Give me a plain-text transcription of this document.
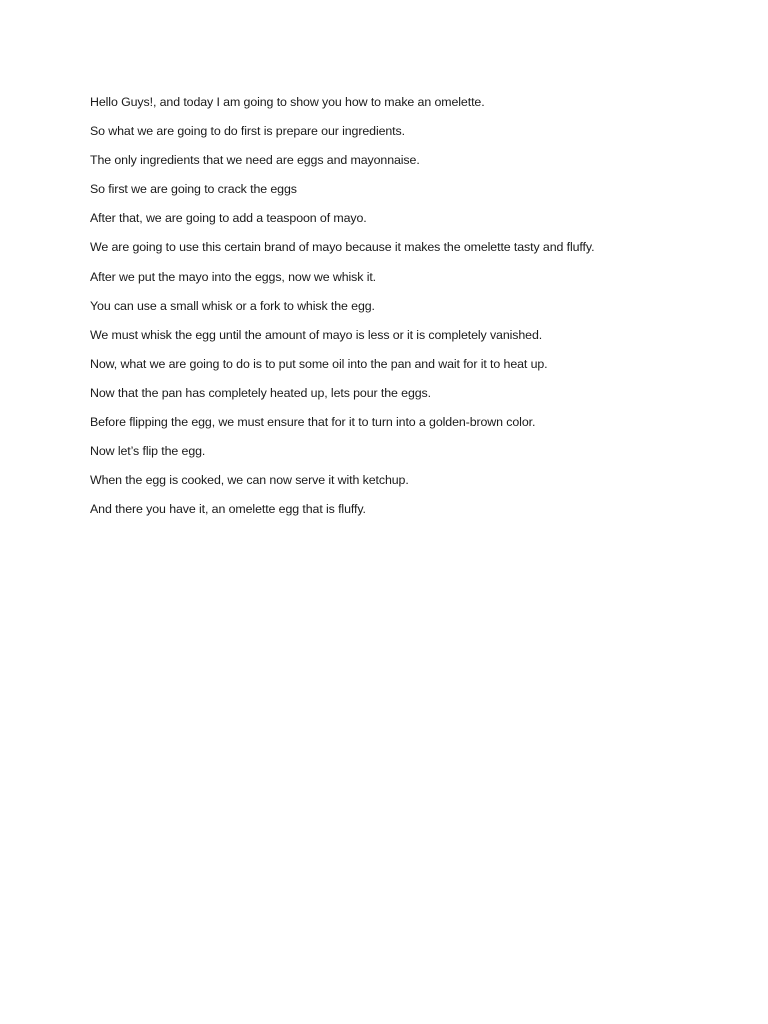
Hello Guys!, and today I am going to show you how to make an omelette.

So what we are going to do first is prepare our ingredients.

The only ingredients that we need are eggs and mayonnaise.

So first we are going to crack the eggs

After that, we are going to add a teaspoon of mayo.

We are going to use this certain brand of mayo because it makes the omelette tasty and fluffy.

After we put the mayo into the eggs, now we whisk it.

You can use a small whisk or a fork to whisk the egg.

We must whisk the egg until the amount of mayo is less or it is completely vanished.

Now, what we are going to do is to put some oil into the pan and wait for it to heat up.

Now that the pan has completely heated up, lets pour the eggs.

Before flipping the egg, we must ensure that for it to turn into a golden-brown color.

Now let’s flip the egg.

When the egg is cooked, we can now serve it with ketchup.

And there you have it, an omelette egg that is fluffy.
